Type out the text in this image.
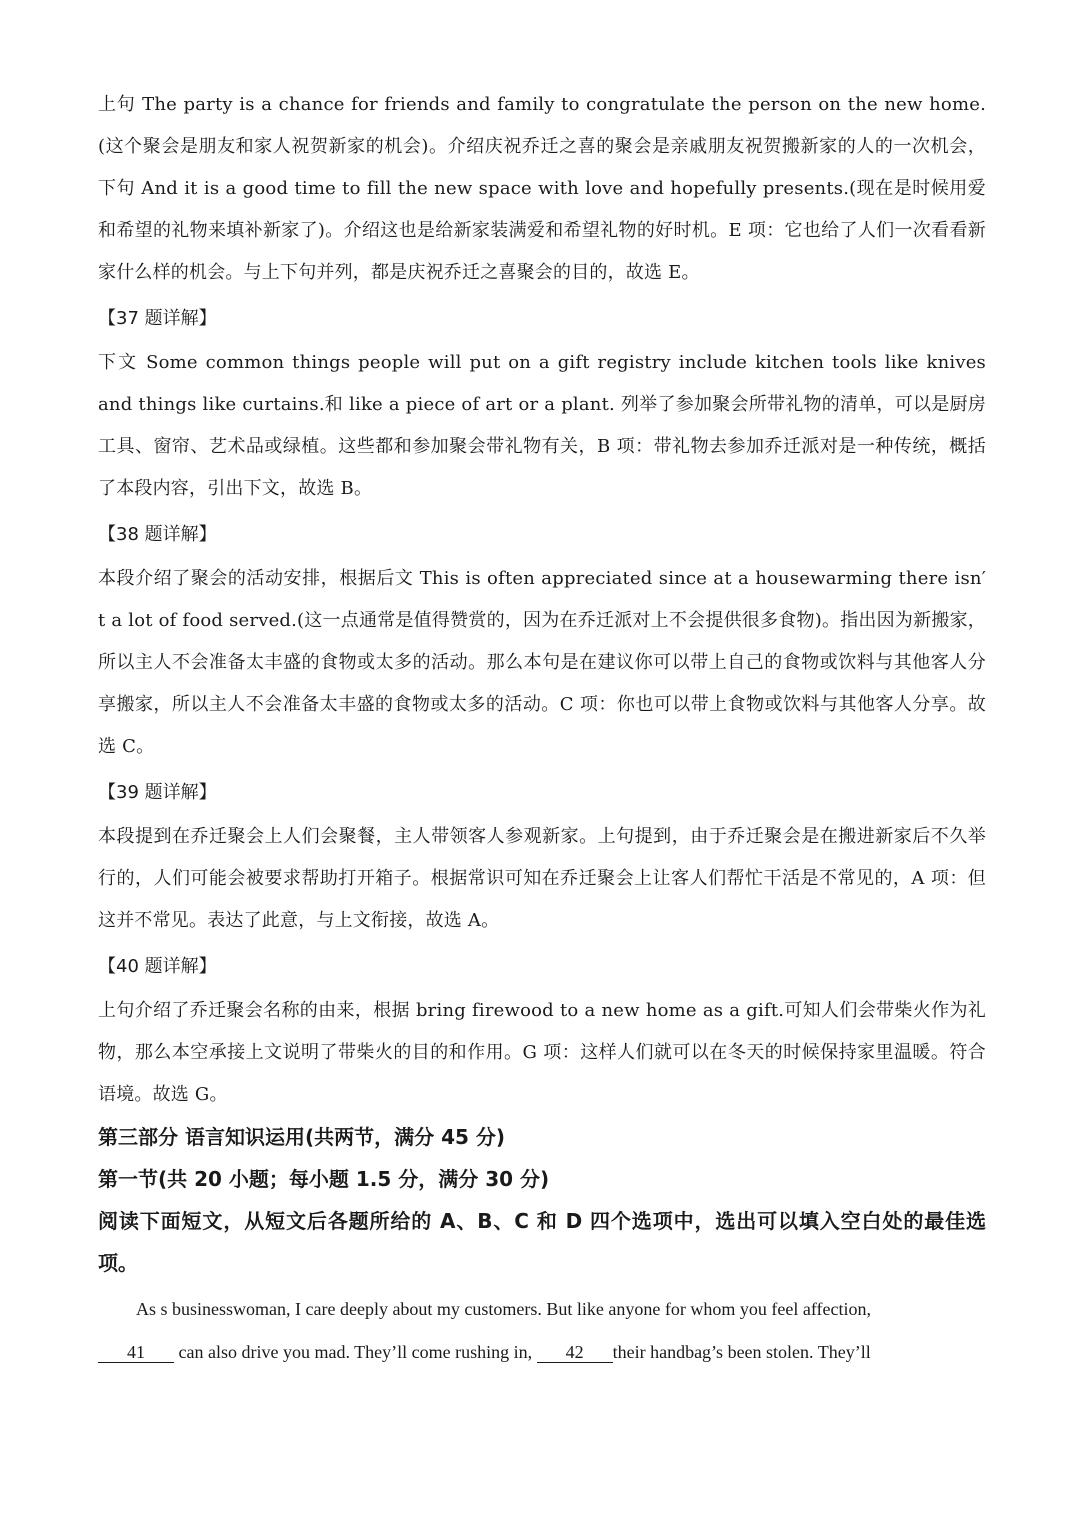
上句 The party is a chance for friends and family to congratulate the person on the new home.(这个聚会是朋友和家人祝贺新家的机会)。介绍庆祝乔迁之喜的聚会是亲戚朋友祝贺搬新家的人的一次机会，下句 And it is a good time to fill the new space with love and hopefully presents.(现在是时候用爱和希望的礼物来填补新家了)。介绍这也是给新家装满爱和希望礼物的好时机。E 项：它也给了人们一次看看新家什么样的机会。与上下句并列，都是庆祝乔迁之喜聚会的目的，故选 E。

【37 题详解】

下文 Some common things people will put on a gift registry include kitchen tools like knives and things like curtains.和 like a piece of art or a plant. 列举了参加聚会所带礼物的清单，可以是厨房工具、窗帘、艺术品或绿植。这些都和参加聚会带礼物有关，B 项：带礼物去参加乔迁派对是一种传统，概括了本段内容，引出下文，故选 B。

【38 题详解】

本段介绍了聚会的活动安排，根据后文 This is often appreciated since at a housewarming there isn′ t a lot of food served.(这一点通常是值得赞赏的，因为在乔迁派对上不会提供很多食物)。指出因为新搬家，所以主人不会准备太丰盛的食物或太多的活动。那么本句是在建议你可以带上自己的食物或饮料与其他客人分享搬家，所以主人不会准备太丰盛的食物或太多的活动。C 项：你也可以带上食物或饮料与其他客人分享。故选 C。

【39 题详解】

本段提到在乔迁聚会上人们会聚餐，主人带领客人参观新家。上句提到，由于乔迁聚会是在搬进新家后不久举行的，人们可能会被要求帮助打开箱子。根据常识可知在乔迁聚会上让客人们帮忙干活是不常见的，A 项：但这并不常见。表达了此意，与上文衔接，故选 A。

【40 题详解】

上句介绍了乔迁聚会名称的由来，根据 bring firewood to a new home as a gift.可知人们会带柴火作为礼物，那么本空承接上文说明了带柴火的目的和作用。G 项：这样人们就可以在冬天的时候保持家里温暖。符合语境。故选 G。

第三部分 语言知识运用(共两节，满分 45 分)

第一节(共 20 小题；每小题 1.5 分，满分 30 分)

阅读下面短文，从短文后各题所给的 A、B、C 和 D 四个选项中，选出可以填入空白处的最佳选项。

As s businesswoman, I care deeply about my customers. But like anyone for whom you feel affection,
41 can also drive you mad. They’ll come rushing in, 42 their handbag’s been stolen. They’ll
